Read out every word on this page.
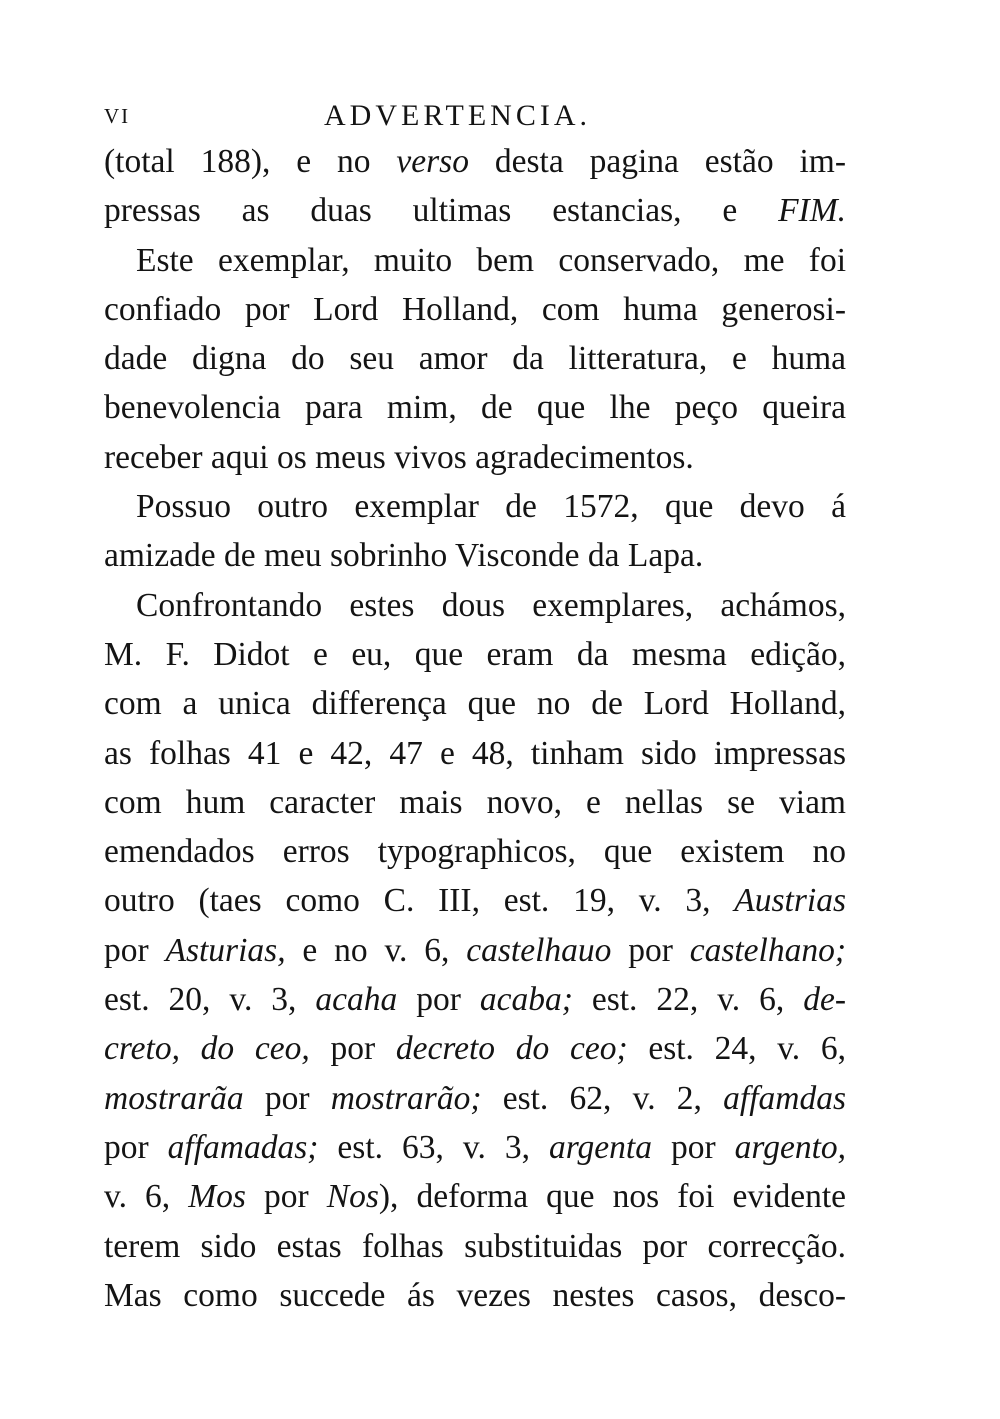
VI	ADVERTENCIA.
(total 188), e no verso desta pagina estão im-
pressas as duas ultimas estancias, e FIM.
Este exemplar, muito bem conservado, me foi
confiado por Lord Holland, com huma generosi-
dade digna do seu amor da litteratura, e huma
benevolencia para mim, de que lhe peço queira
receber aqui os meus vivos agradecimentos.
Possuo outro exemplar de 1572, que devo á
amizade de meu sobrinho Visconde da Lapa.
Confrontando estes dous exemplares, achámos,
M. F. Didot e eu, que eram da mesma edição,
com a unica differença que no de Lord Holland,
as folhas 41 e 42, 47 e 48, tinham sido impressas
com hum caracter mais novo, e nellas se viam
emendados erros typographicos, que existem no
outro (taes como C. III, est. 19, v. 3, Austrias
por Asturias, e no v. 6, castelhauo por castelhano;
est. 20, v. 3, acaha por acaba; est. 22, v. 6, de-
creto, do ceo, por decreto do ceo; est. 24, v. 6,
mostrarãa por mostrarão; est. 62, v. 2, affamdas
por affamadas; est. 63, v. 3, argenta por argento,
v. 6, Mos por Nos), deforma que nos foi evidente
terem sido estas folhas substituidas por correcção.
Mas como succede ás vezes nestes casos, desco-
